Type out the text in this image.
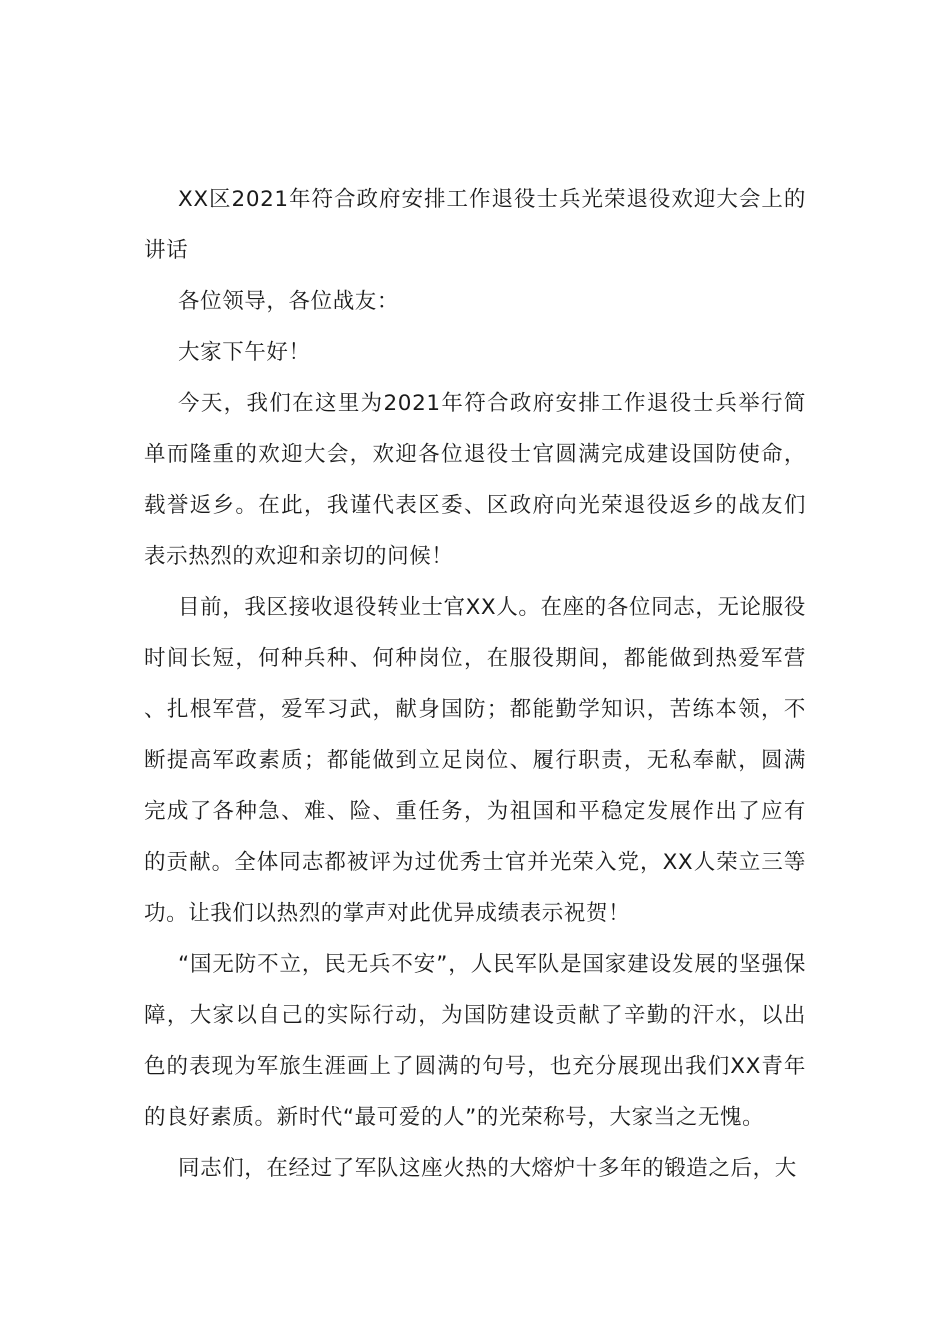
XX区2021年符合政府安排工作退役士兵光荣退役欢迎大会上的讲话

各位领导，各位战友：

大家下午好！

今天，我们在这里为2021年符合政府安排工作退役士兵举行简单而隆重的欢迎大会，欢迎各位退役士官圆满完成建设国防使命，载誉返乡。在此，我谨代表区委、区政府向光荣退役返乡的战友们表示热烈的欢迎和亲切的问候！

目前，我区接收退役转业士官XX人。在座的各位同志，无论服役时间长短，何种兵种、何种岗位，在服役期间，都能做到热爱军营、扎根军营，爱军习武，献身国防；都能勤学知识，苦练本领，不断提高军政素质；都能做到立足岗位、履行职责，无私奉献，圆满完成了各种急、难、险、重任务，为祖国和平稳定发展作出了应有的贡献。全体同志都被评为过优秀士官并光荣入党，XX人荣立三等功。让我们以热烈的掌声对此优异成绩表示祝贺！

“国无防不立，民无兵不安”，人民军队是国家建设发展的坚强保障，大家以自己的实际行动，为国防建设贡献了辛勤的汗水，以出色的表现为军旅生涯画上了圆满的句号，也充分展现出我们XX青年的良好素质。新时代“最可爱的人”的光荣称号，大家当之无愧。

同志们，在经过了军队这座火热的大熔炉十多年的锻造之后，大
